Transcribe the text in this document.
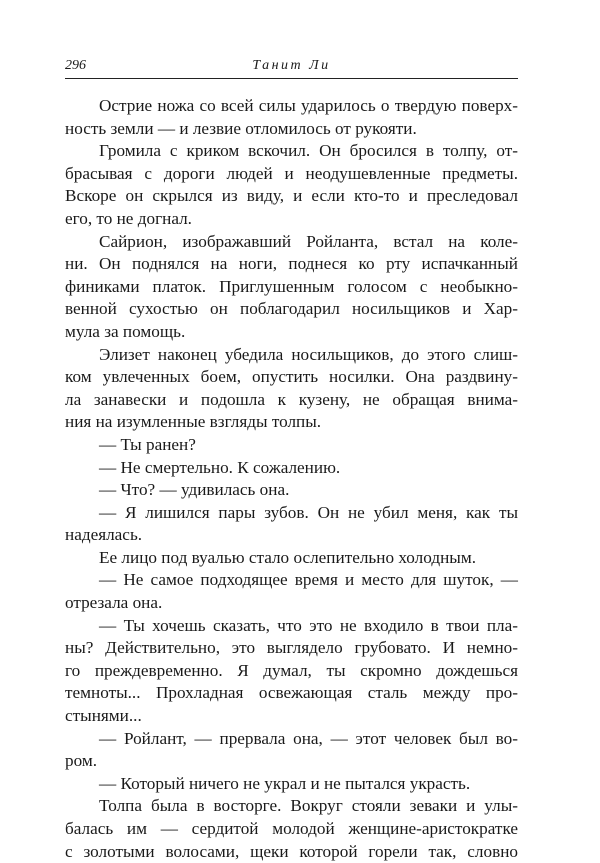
296	Танит Ли
Острие ножа со всей силы ударилось о твердую поверх-
ность земли — и лезвие отломилось от рукояти.
Громила с криком вскочил. Он бросился в толпу, от-
брасывая с дороги людей и неодушевленные предметы.
Вскоре он скрылся из виду, и если кто-то и преследовал
его, то не догнал.
Сайрион, изображавший Ройланта, встал на коле-
ни. Он поднялся на ноги, поднеся ко рту испачканный
финиками платок. Приглушенным голосом с необыкно-
венной сухостью он поблагодарил носильщиков и Хар-
мула за помощь.
Элизет наконец убедила носильщиков, до этого слиш-
ком увлеченных боем, опустить носилки. Она раздвину-
ла занавески и подошла к кузену, не обращая внима-
ния на изумленные взгляды толпы.
— Ты ранен?
— Не смертельно. К сожалению.
— Что? — удивилась она.
— Я лишился пары зубов. Он не убил меня, как ты
надеялась.
Ее лицо под вуалью стало ослепительно холодным.
— Не самое подходящее время и место для шуток, —
отрезала она.
— Ты хочешь сказать, что это не входило в твои пла-
ны? Действительно, это выглядело грубовато. И немно-
го преждевременно. Я думал, ты скромно дождешься
темноты... Прохладная освежающая сталь между про-
стынями...
— Ройлант, — прервала она, — этот человек был во-
ром.
— Который ничего не украл и не пытался украсть.
Толпа была в восторге. Вокруг стояли зеваки и улы-
балась им — сердитой молодой женщине-аристократке
с золотыми волосами, щеки которой горели так, словно
